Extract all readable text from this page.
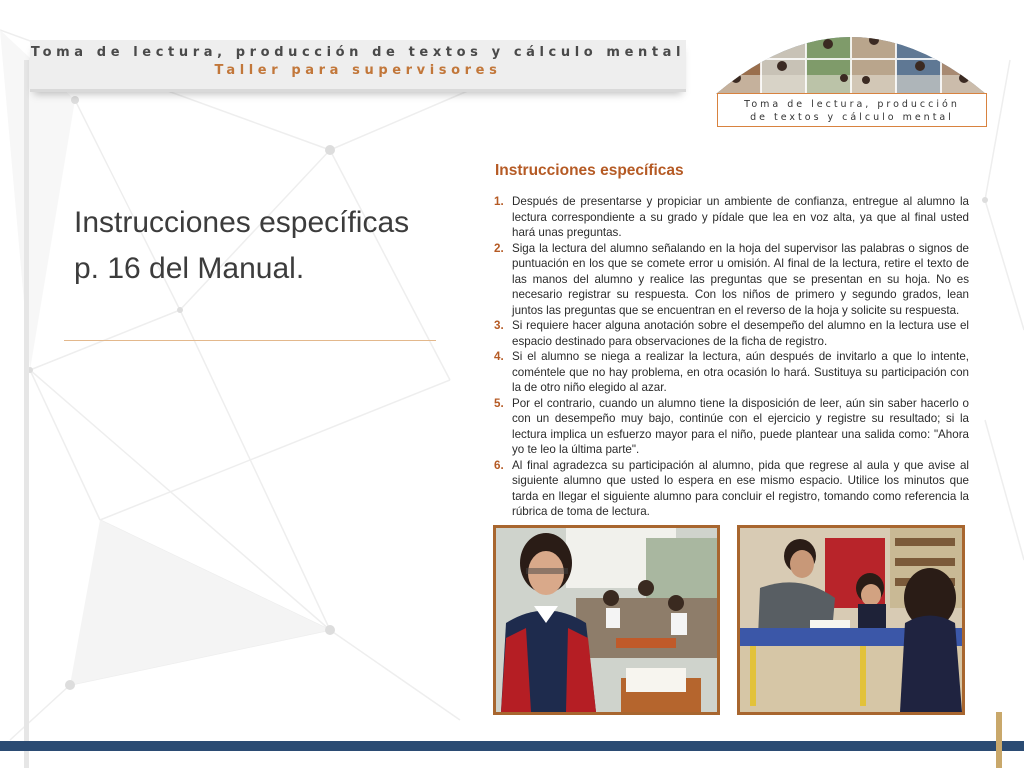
Toma de lectura, producción de textos y cálculo mental
Taller para supervisores
Toma de lectura, producción
de textos y cálculo mental
Instrucciones específicas
p. 16 del Manual.
Instrucciones específicas
1. Después de presentarse y propiciar un ambiente de confianza, entregue al alumno la lectura correspondiente a su grado y pídale que lea en voz alta, ya que al final usted hará unas preguntas.
2. Siga la lectura del alumno señalando en la hoja del supervisor las palabras o signos de puntuación en los que se comete error u omisión. Al final de la lectura, retire el texto de las manos del alumno y realice las preguntas que se presentan en su hoja. No es necesario registrar su respuesta. Con los niños de primero y segundo grados, lean juntos las preguntas que se encuentran en el reverso de la hoja y solicite su respuesta.
3. Si requiere hacer alguna anotación sobre el desempeño del alumno en la lectura use el espacio destinado para observaciones de la ficha de registro.
4. Si el alumno se niega a realizar la lectura, aún después de invitarlo a que lo intente, coméntele que no hay problema, en otra ocasión lo hará. Sustituya su participación con la de otro niño elegido al azar.
5. Por el contrario, cuando un alumno tiene la disposición de leer, aún sin saber hacerlo o con un desempeño muy bajo, continúe con el ejercicio y registre su resultado; si la lectura implica un esfuerzo mayor para el niño, puede plantear una salida como: "Ahora yo te leo la última parte".
6. Al final agradezca su participación al alumno, pida que regrese al aula y que avise al siguiente alumno que usted lo espera en ese mismo espacio. Utilice los minutos que tarda en llegar el siguiente alumno para concluir el registro, tomando como referencia la rúbrica de toma de lectura.
